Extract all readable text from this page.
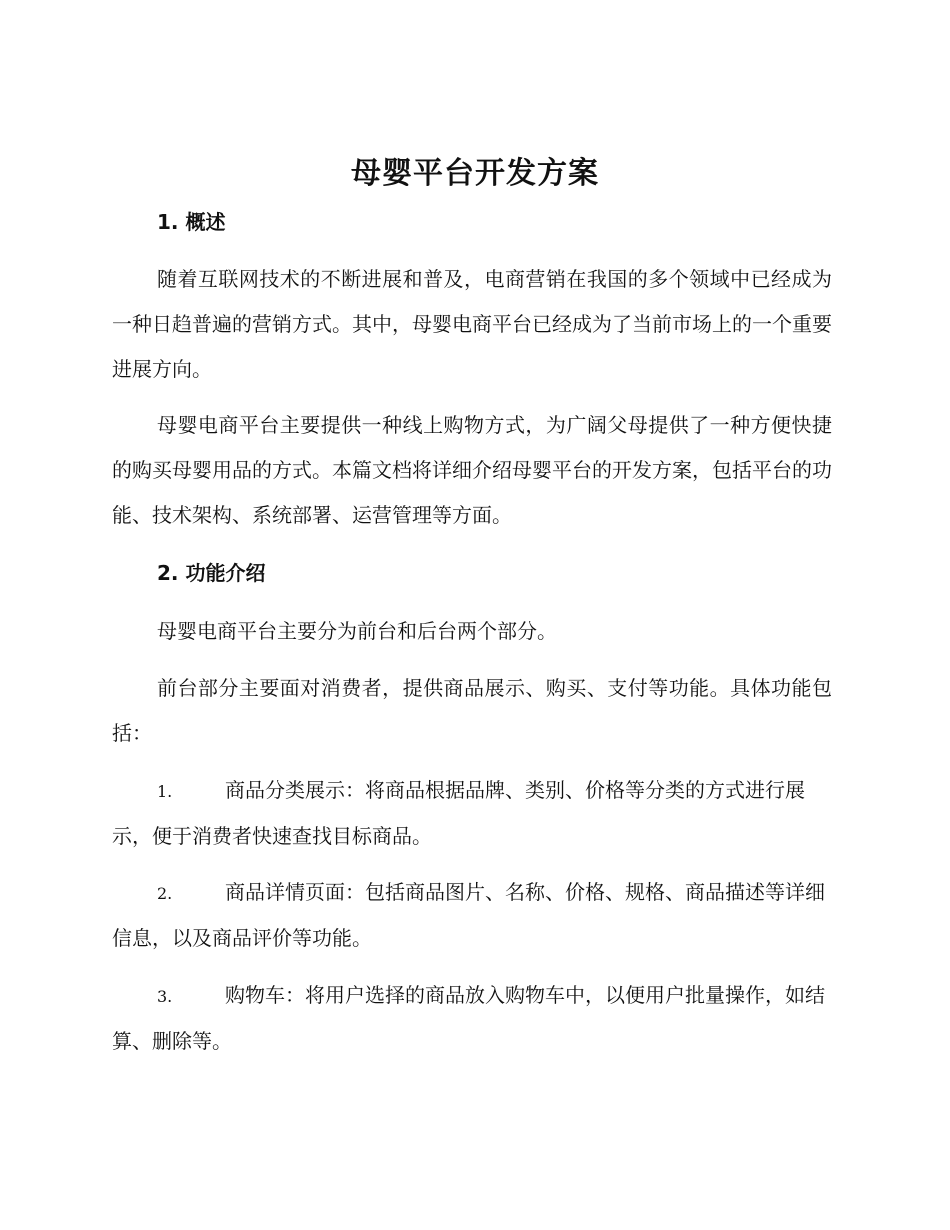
母婴平台开发方案
1. 概述

随着互联网技术的不断进展和普及，电商营销在我国的多个领域中已经成为一种日趋普遍的营销方式。其中，母婴电商平台已经成为了当前市场上的一个重要进展方向。

母婴电商平台主要提供一种线上购物方式，为广阔父母提供了一种方便快捷的购买母婴用品的方式。本篇文档将详细介绍母婴平台的开发方案，包括平台的功能、技术架构、系统部署、运营管理等方面。

2. 功能介绍

母婴电商平台主要分为前台和后台两个部分。

前台部分主要面对消费者，提供商品展示、购买、支付等功能。具体功能包括：

1.	商品分类展示：将商品根据品牌、类别、价格等分类的方式进行展示，便于消费者快速查找目标商品。

2.	商品详情页面：包括商品图片、名称、价格、规格、商品描述等详细信息，以及商品评价等功能。

3.	购物车：将用户选择的商品放入购物车中，以便用户批量操作，如结算、删除等。
